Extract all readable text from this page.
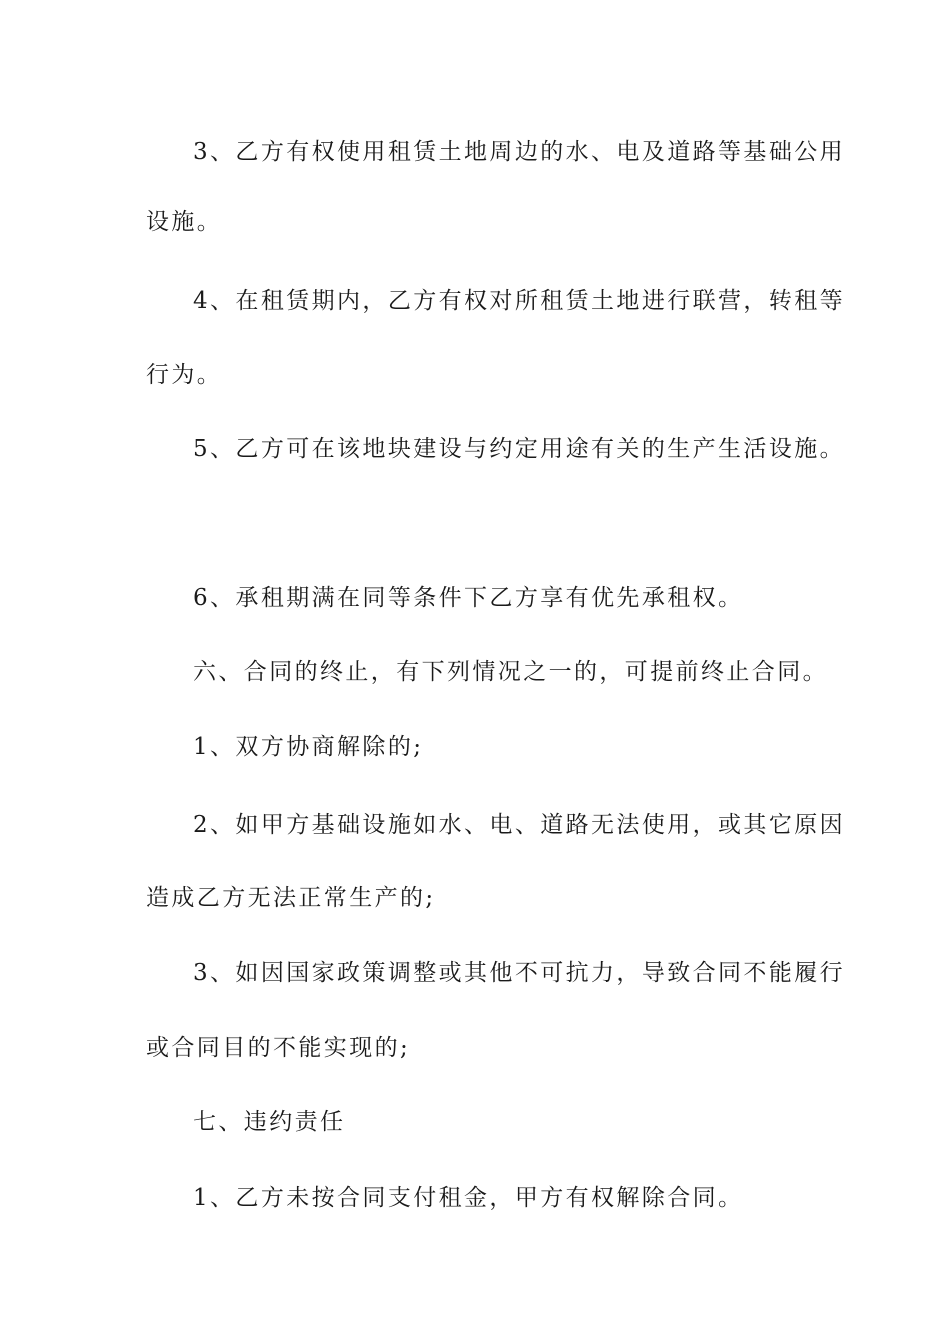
3、乙方有权使用租赁土地周边的水、电及道路等基础公用
设施。
4、在租赁期内，乙方有权对所租赁土地进行联营，转租等
行为。
5、乙方可在该地块建设与约定用途有关的生产生活设施。
6、承租期满在同等条件下乙方享有优先承租权。
六、合同的终止，有下列情况之一的，可提前终止合同。
1、双方协商解除的;
2、如甲方基础设施如水、电、道路无法使用，或其它原因
造成乙方无法正常生产的;
3、如因国家政策调整或其他不可抗力，导致合同不能履行
或合同目的不能实现的;
七、违约责任
1、乙方未按合同支付租金，甲方有权解除合同。
